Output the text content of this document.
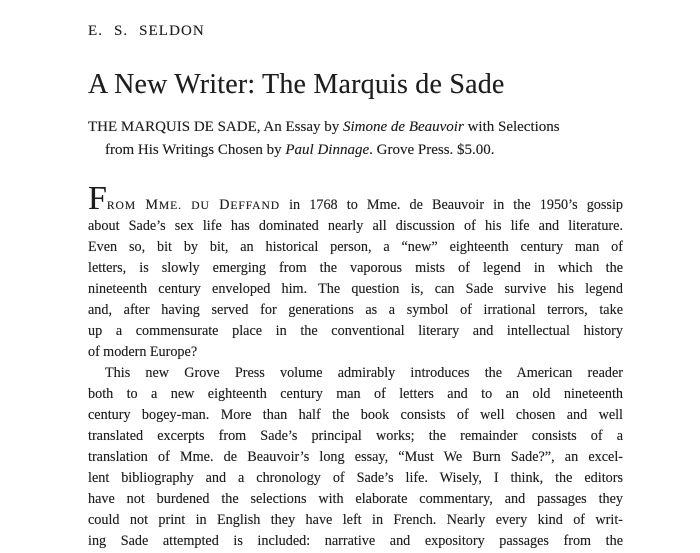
E. S. SELDON
A New Writer: The Marquis de Sade
THE MARQUIS DE SADE, An Essay by Simone de Beauvoir with Selections
from His Writings Chosen by Paul Dinnage. Grove Press. $5.00.
FROM MME. DU DEFFAND in 1768 to Mme. de Beauvoir in the 1950’s gossip
about Sade’s sex life has dominated nearly all discussion of his life and literature.
Even so, bit by bit, an historical person, a “new” eighteenth century man of
letters, is slowly emerging from the vaporous mists of legend in which the
nineteenth century enveloped him. The question is, can Sade survive his legend
and, after having served for generations as a symbol of irrational terrors, take
up a commensurate place in the conventional literary and intellectual history
of modern Europe?
This new Grove Press volume admirably introduces the American reader
both to a new eighteenth century man of letters and to an old nineteenth
century bogey-man. More than half the book consists of well chosen and well
translated excerpts from Sade’s principal works; the remainder consists of a
translation of Mme. de Beauvoir’s long essay, “Must We Burn Sade?”, an excel-
lent bibliography and a chronology of Sade’s life. Wisely, I think, the editors
have not burdened the selections with elaborate commentary, and passages they
could not print in English they have left in French. Nearly every kind of writ-
ing Sade attempted is included: narrative and expository passages from the
